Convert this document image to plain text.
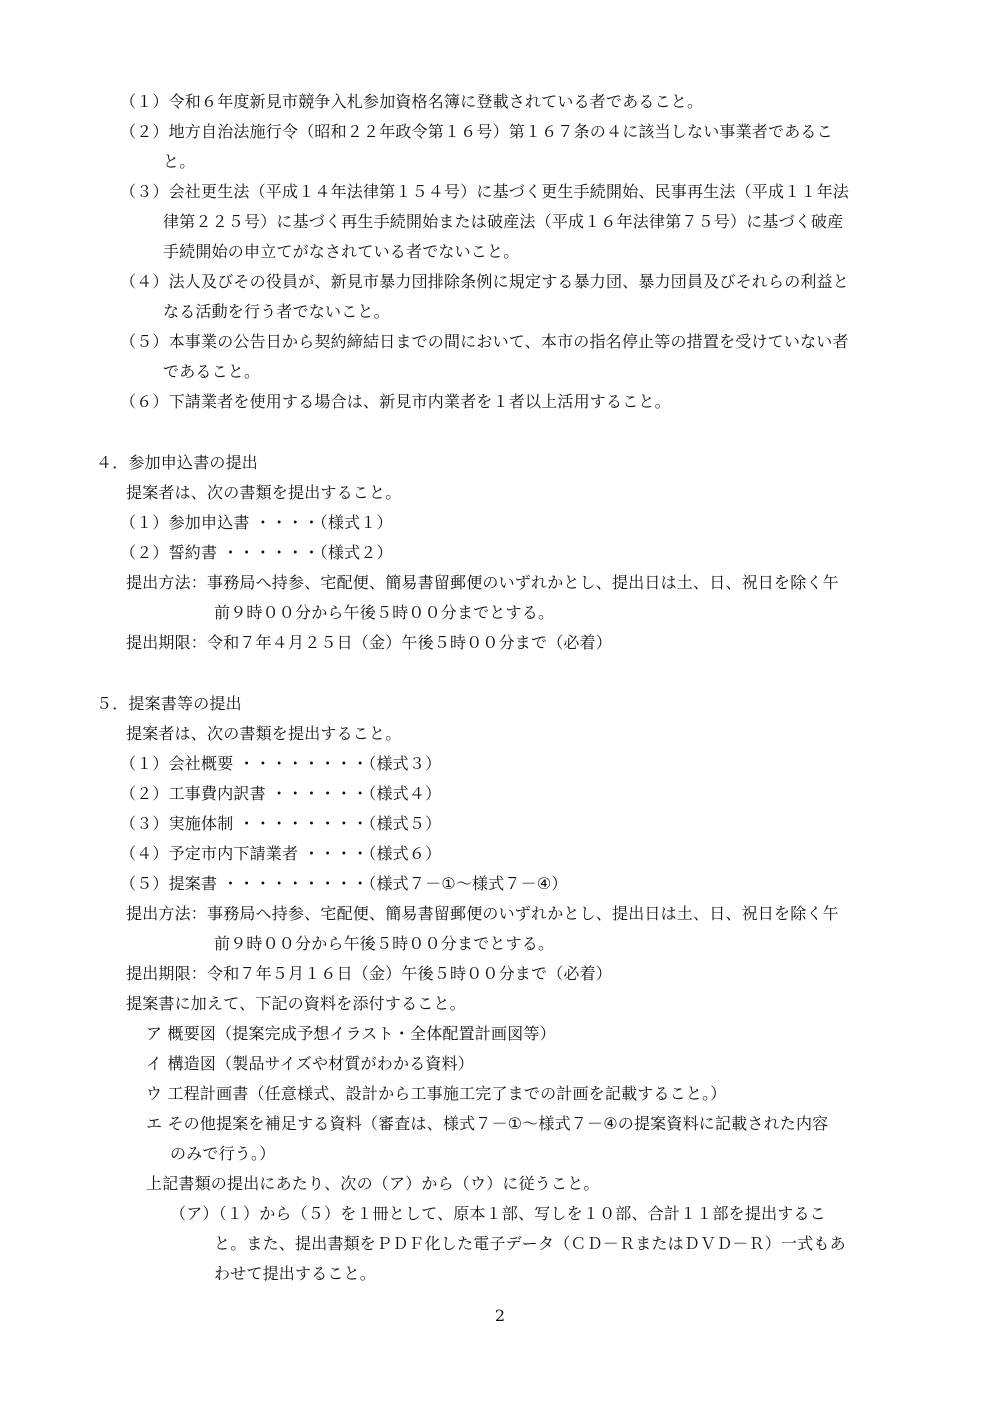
（１）令和６年度新見市競争入札参加資格名簿に登載されている者であること。
（２）地方自治法施行令（昭和２２年政令第１６号）第１６７条の４に該当しない事業者であるこ
と。
（３）会社更生法（平成１４年法律第１５４号）に基づく更生手続開始、民事再生法（平成１１年法
律第２２５号）に基づく再生手続開始または破産法（平成１６年法律第７５号）に基づく破産
手続開始の申立てがなされている者でないこと。
（４）法人及びその役員が、新見市暴力団排除条例に規定する暴力団、暴力団員及びそれらの利益と
なる活動を行う者でないこと。
（５）本事業の公告日から契約締結日までの間において、本市の指名停止等の措置を受けていない者
であること。
（６）下請業者を使用する場合は、新見市内業者を１者以上活用すること。
４．参加申込書の提出
提案者は、次の書類を提出すること。
（１）参加申込書 ・・・・（様式１）
（２）誓約書 ・・・・・・（様式２）
提出方法：事務局へ持参、宅配便、簡易書留郵便のいずれかとし、提出日は土、日、祝日を除く午
前９時００分から午後５時００分までとする。
提出期限：令和７年４月２５日（金）午後５時００分まで（必着）
５．提案書等の提出
提案者は、次の書類を提出すること。
（１）会社概要 ・・・・・・・・（様式３）
（２）工事費内訳書 ・・・・・・（様式４）
（３）実施体制 ・・・・・・・・（様式５）
（４）予定市内下請業者 ・・・・（様式６）
（５）提案書 ・・・・・・・・・（様式７－①～様式７－④）
提出方法：事務局へ持参、宅配便、簡易書留郵便のいずれかとし、提出日は土、日、祝日を除く午
前９時００分から午後５時００分までとする。
提出期限：令和７年５月１６日（金）午後５時００分まで（必着）
提案書に加えて、下記の資料を添付すること。
ア 概要図（提案完成予想イラスト・全体配置計画図等）
イ 構造図（製品サイズや材質がわかる資料）
ウ 工程計画書（任意様式、設計から工事施工完了までの計画を記載すること。）
エ その他提案を補足する資料（審査は、様式７－①～様式７－④の提案資料に記載された内容
のみで行う。）
上記書類の提出にあたり、次の（ア）から（ウ）に従うこと。
（ア）（１）から（５）を１冊として、原本１部、写しを１０部、合計１１部を提出するこ
と。また、提出書類をＰＤＦ化した電子データ（ＣＤ－ＲまたはＤＶＤ－Ｒ）一式もあ
わせて提出すること。
2
